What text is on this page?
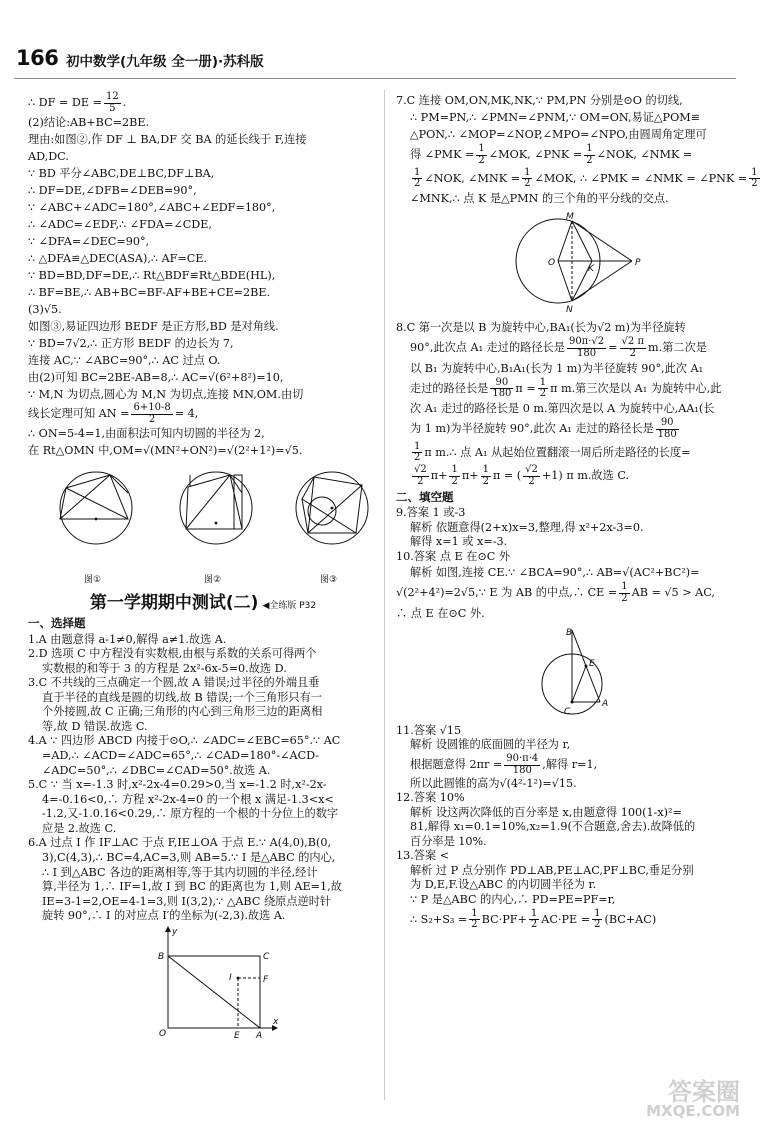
166 初中数学(九年级 全一册)·苏科版
∴ DF = DE = $\frac{12}{5}$ .
(2)结论:AB+BC=2BE.
理由:如图②,作 DF ⊥ BA,DF 交 BA 的延长线于 F,连接
AD,DC.
∵ BD 平分∠ABC,DE⊥BC,DF⊥BA,
∴ DF=DE,∠DFB=∠DEB=90°,
∵ ∠ABC+∠ADC=180°,∠ABC+∠EDF=180°,
∴ ∠ADC=∠EDF,∴ ∠FDA=∠CDE,
∵ ∠DFA=∠DEC=90°,
∴ △DFA≌△DEC(ASA),∴ AF=CE.
∵ BD=BD,DF=DE,∴ Rt△BDF≌Rt△BDE(HL),
∴ BF=BE,∴ AB+BC=BF-AF+BE+CE=2BE.
(3)√5.
如图③,易证四边形 BEDF 是正方形,BD 是对角线.
∵ BD=7√2,∴ 正方形 BEDF 的边长为 7,
连接 AC,∵ ∠ABC=90°,∴ AC 过点 O.
由(2)可知 BC=2BE-AB=8,∴ AC=√(6²+8²)=10,
∵ M,N 为切点,圆心为 M,N 为切点,连接 MN,OM.由切
线长定理可知 AN = $\frac{6+10-8}{2} = 4$,
∴ ON=5-4=1,由面积法可知内切圆的半径为 2,
在 Rt△OMN 中,OM=√(MN²+ON²)=√(2²+1²)=√5.
图①	图②	图③
第一学期期中测试(二) ◀全练版 P32
一、选择题
1.A 由题意得 a-1≠0,解得 a≠1.故选 A.
2.D 选项 C 中方程没有实数根,由根与系数的关系可得两个
实数根的和等于 3 的方程是 2x²-6x-5=0.故选 D.
3.C 不共线的三点确定一个圆,故 A 错误;过半径的外端且垂
直于半径的直线是圆的切线,故 B 错误;一个三角形只有一
个外接圆,故 C 正确;三角形的内心到三角形三边的距离相
等,故 D 错误.故选 C.
4.A ∵ 四边形 ABCD 内接于⊙O,∴ ∠ADC=∠EBC=65°.∵ AC
=AD,∴ ∠ACD=∠ADC=65°,∴ ∠CAD=180°-∠ACD-
∠ADC=50°,∴ ∠DBC=∠CAD=50°.故选 A.
5.C ∵ 当 x=-1.3 时,x²-2x-4=0.29>0,当 x=-1.2 时,x²-2x-
4=-0.16<0,∴ 方程 x²-2x-4=0 的一个根 x 满足-1.3<x<
-1.2,又-1.0.16<0.29,∴ 原方程的一个根的十分位上的数字
应是 2.故选 C.
6.A 过点 I 作 IF⊥AC 于点 F,IE⊥OA 于点 E.∵ A(4,0),B(0,
3),C(4,3),∴ BC=4,AC=3,则 AB=5.∵ I 是△ABC 的内心,
∴ I 到△ABC 各边的距离相等,等于其内切圆的半径,经计
算,半径为 1,∴ IF=1,故 I 到 BC 的距离也为 1,则 AE=1,故
IE=3-1=2,OE=4-1=3,则 I(3,2),∵ △ABC 绕原点逆时针
旋转 90°,∴ I 的对应点 I′的坐标为(-2,3).故选 A.
B	C
I	F
E A
O
x
y
7.C 连接 OM,ON,MK,NK,∵ PM,PN 分别是⊙O 的切线,
∴ PM=PN,∴ ∠PMN=∠PNM,∵ OM=ON,易证△POM≌
△PON,∴ ∠MOP=∠NOP,∠MPO=∠NPO,由圆周角定理可
得 ∠PMK = $\frac{1}{2}$ ∠MOK, ∠PNK = $\frac{1}{2}$ ∠NOK, ∠NMK =
$\frac{1}{2}$ ∠NOK, ∠MNK = $\frac{1}{2}$ ∠MOK, ∴ ∠PMK = ∠NMK = ∠PNK = $\frac{1}{2}$
∠MNK,∴ 点 K 是△PMN 的三个角的平分线的交点.
M
N
O
K
P
8.C 第一次是以 B 为旋转中心,BA₁(长为√2 m)为半径旋转
90°,此次点 A₁ 走过的路径长是 $\frac{90\pi\cdot√2}{180} = \frac{√2 \pi}{2} m$.第二次是
以 B₁ 为旋转中心,B₁A₁(长为 1 m)为半径旋转 90°,此次 A₁
走过的路径长是 $\frac{90}{180}$ $\pi = \frac{1}{2}$ π m.第三次是以 A₁ 为旋转中心,此
次 A₁ 走过的路径长是 0 m.第四次是以 A 为旋转中心,AA₁(长
为 1 m)为半径旋转 90°,此次 A₁ 走过的路径长是 $\frac{90}{180}$
$\frac{1}{2}$ π m.∴ 点 A₁ 从起始位置翻滚一周后所走路径的长度=
$\frac{√2}{2} \pi+ \frac{1}{2} \pi+ \frac{1}{2}$ π = ( $\frac{√2}{2} +1$) π m.故选 C.
二、填空题
9.答案 1 或-3
解析 依题意得(2+x)x=3,整理,得 x²+2x-3=0.
解得 x=1 或 x=-3.
10.答案 点 E 在⊙C 外
解析 如图,连接 CE.∵ ∠BCA=90°,∴ AB=√(AC²+BC²)=
√(2²+4²)=2√5,∵ E 为 AB 的中点,∴ CE = $\frac{1}{2}$ AB = √5 > AC,
∴ 点 E 在⊙C 外.
B
E
C
A
11.答案 √15
解析 设圆锥的底面圆的半径为 r,
根据题意得 $2\pi r = \frac{90\cdot\pi\cdot 4}{180}$ ,解得 r=1,
所以此圆锥的高为√(4²-1²)=√15.
12.答案 10%
解析 设这两次降低的百分率是 x,由题意得 100(1-x)²=
81,解得 x₁=0.1=10%,x₂=1.9(不合题意,舍去).故降低的
百分率是 10%.
13.答案 <
解析 过 P 点分别作 PD⊥AB,PE⊥AC,PF⊥BC,垂足分别
为 D,E,F.设△ABC 的内切圆半径为 r.
∵ P 是△ABC 的内心,∴ PD=PE=PF=r,
∴ $S_2+S_3 = \frac{1}{2} BC\cdot PF+ \frac{1}{2} AC\cdot PE = \frac{1}{2} (BC+AC)$
答案圈
MXQE.COM
